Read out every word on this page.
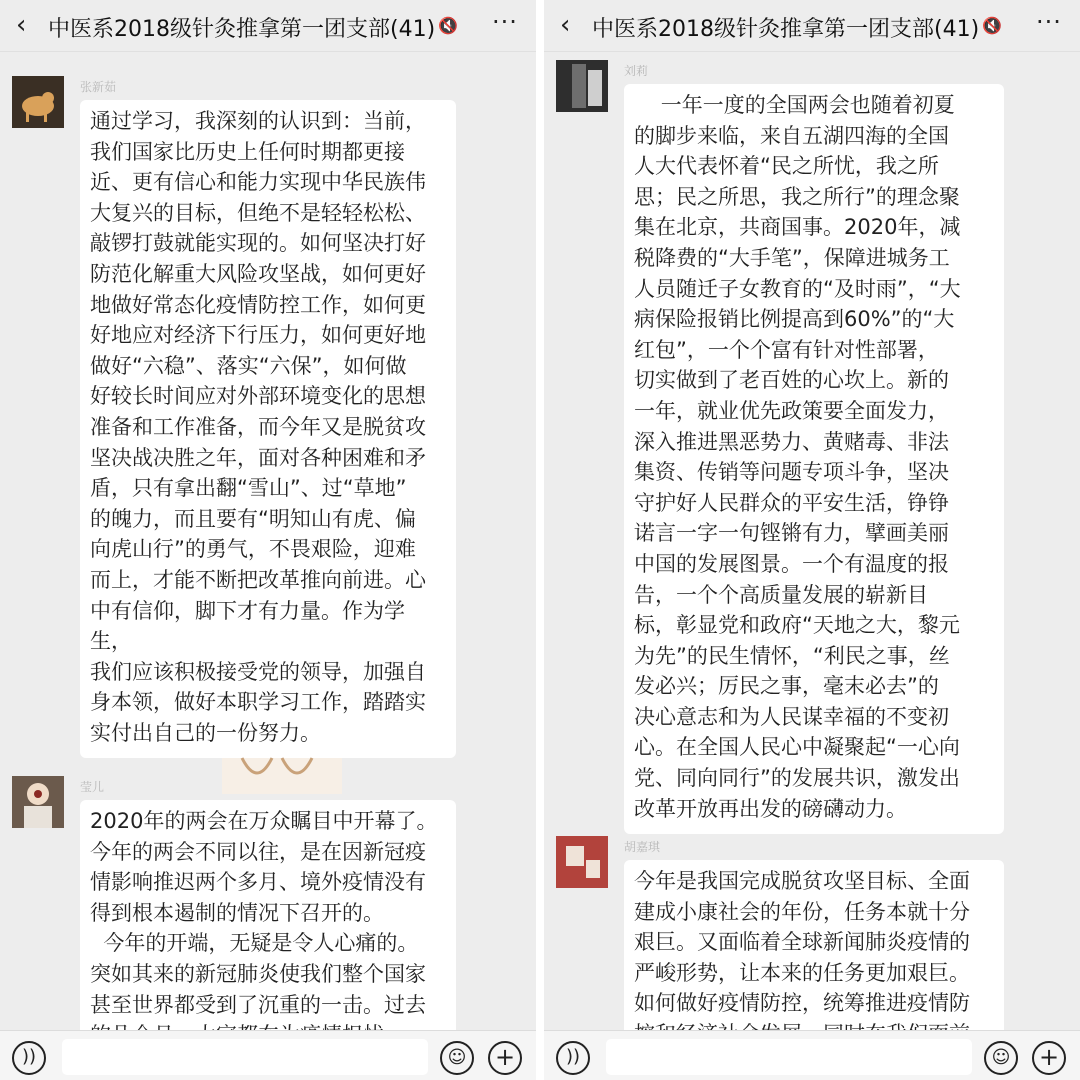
‹ 中医系2018级针灸推拿第一团支部(41) 🔇 ···
张新茹
通过学习，我深刻的认识到：当前，
我们国家比历史上任何时期都更接
近、更有信心和能力实现中华民族伟
大复兴的目标，但绝不是轻轻松松、
敲锣打鼓就能实现的。如何坚决打好
防范化解重大风险攻坚战，如何更好
地做好常态化疫情防控工作，如何更
好地应对经济下行压力，如何更好地
做好“六稳”、落实“六保”，如何做
好较长时间应对外部环境变化的思想
准备和工作准备，而今年又是脱贫攻
坚决战决胜之年，面对各种困难和矛
盾，只有拿出翻“雪山”、过“草地”
的魄力，而且要有“明知山有虎、偏
向虎山行”的勇气，不畏艰险，迎难
而上，才能不断把改革推向前进。心
中有信仰，脚下才有力量。作为学生，
我们应该积极接受党的领导，加强自
身本领，做好本职学习工作，踏踏实
实付出自己的一份努力。
莹儿
2020年的两会在万众瞩目中开幕了。
今年的两会不同以往，是在因新冠疫
情影响推迟两个多月、境外疫情没有
得到根本遏制的情况下召开的。
今年的开端，无疑是令人心痛的。
突如其来的新冠肺炎使我们整个国家
甚至世界都受到了沉重的一击。过去

))	☺	+
‹ 中医系2018级针灸推拿第一团支部(41) 🔇 ···
刘莉
一年一度的全国两会也随着初夏
的脚步来临，来自五湖四海的全国
人大代表怀着“民之所忧，我之所
思；民之所思，我之所行”的理念聚
集在北京，共商国事。2020年，减
税降费的“大手笔”，保障进城务工
人员随迁子女教育的“及时雨”，“大
病保险报销比例提高到60%”的“大
红包”，一个个富有针对性部署，
切实做到了老百姓的心坎上。新的
一年，就业优先政策要全面发力，
深入推进黑恶势力、黄赌毒、非法
集资、传销等问题专项斗争，坚决
守护好人民群众的平安生活，铮铮
诺言一字一句铿锵有力，擘画美丽
中国的发展图景。一个有温度的报
告，一个个高质量发展的崭新目
标，彰显党和政府“天地之大，黎元
为先”的民生情怀，“利民之事，丝
发必兴；厉民之事，毫末必去”的
决心意志和为人民谋幸福的不变初
心。在全国人民心中凝聚起“一心向
党、同向同行”的发展共识，激发出
改革开放再出发的磅礴动力。
胡嘉琪
今年是我国完成脱贫攻坚目标、全面
建成小康社会的年份，任务本就十分
艰巨。又面临着全球新闻肺炎疫情的
严峻形势，让本来的任务更加艰巨。
如何做好疫情防控，统筹推进疫情防

))	☺	+
